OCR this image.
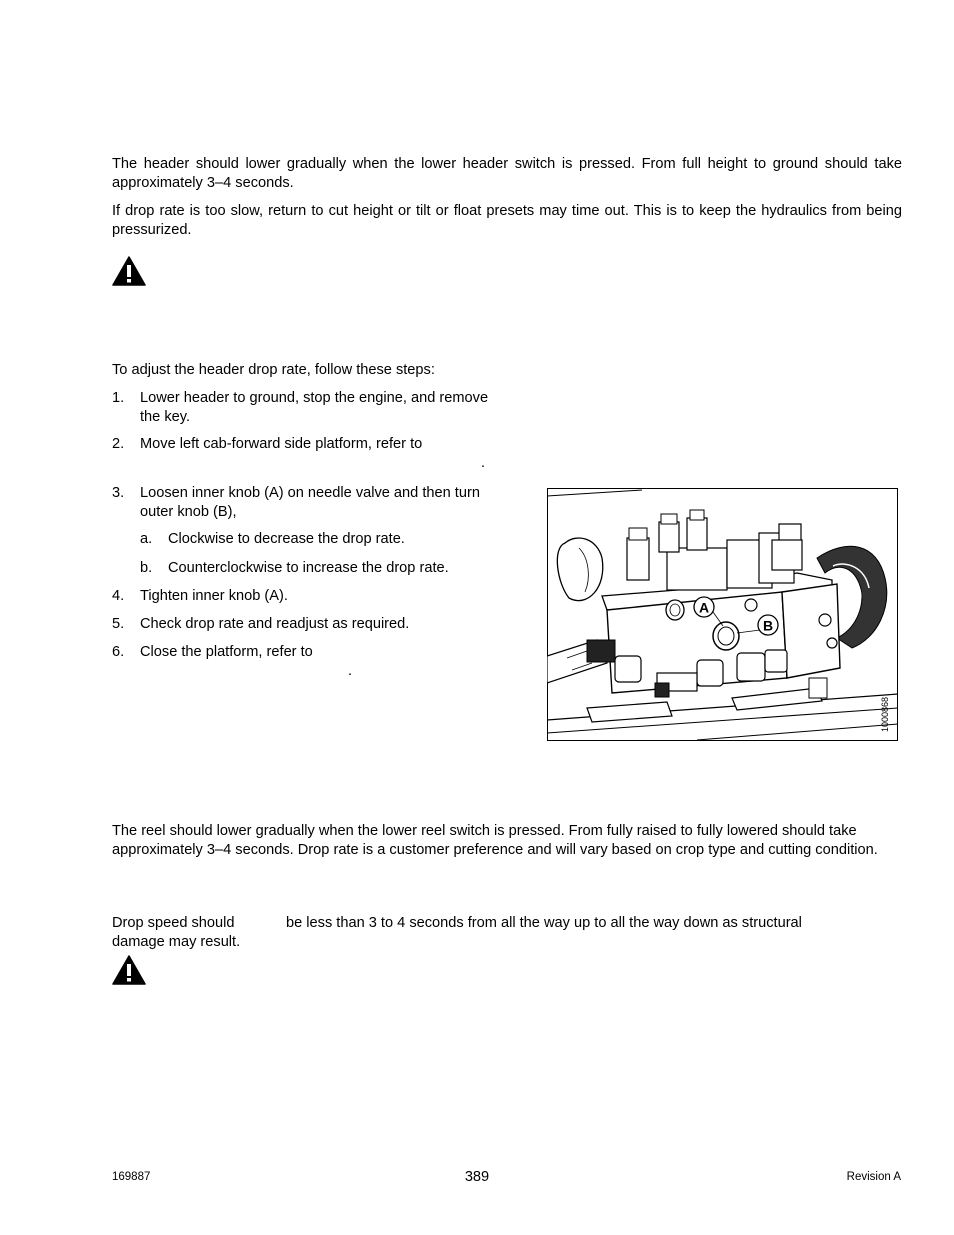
The header should lower gradually when the lower header switch is pressed. From full height to ground should take approximately 3–4 seconds.

If drop rate is too slow, return to cut height or tilt or float presets may time out. This is to keep the hydraulics from being pressurized.

To adjust the header drop rate, follow these steps:

1. Lower header to ground, stop the engine, and remove the key.
2. Move left cab-forward side platform, refer to
.
3. Loosen inner knob (A) on needle valve and then turn outer knob (B),
a. Clockwise to decrease the drop rate.
b. Counterclockwise to increase the drop rate.
4. Tighten inner knob (A).
5. Check drop rate and readjust as required.
6. Close the platform, refer to
.
A
B
1000868

The reel should lower gradually when the lower reel switch is pressed. From fully raised to fully lowered should take approximately 3–4 seconds. Drop rate is a customer preference and will vary based on crop type and cutting condition.

Drop speed should	be less than 3 to 4 seconds from all the way up to all the way down as structural
damage may result.
169887	389	Revision A
